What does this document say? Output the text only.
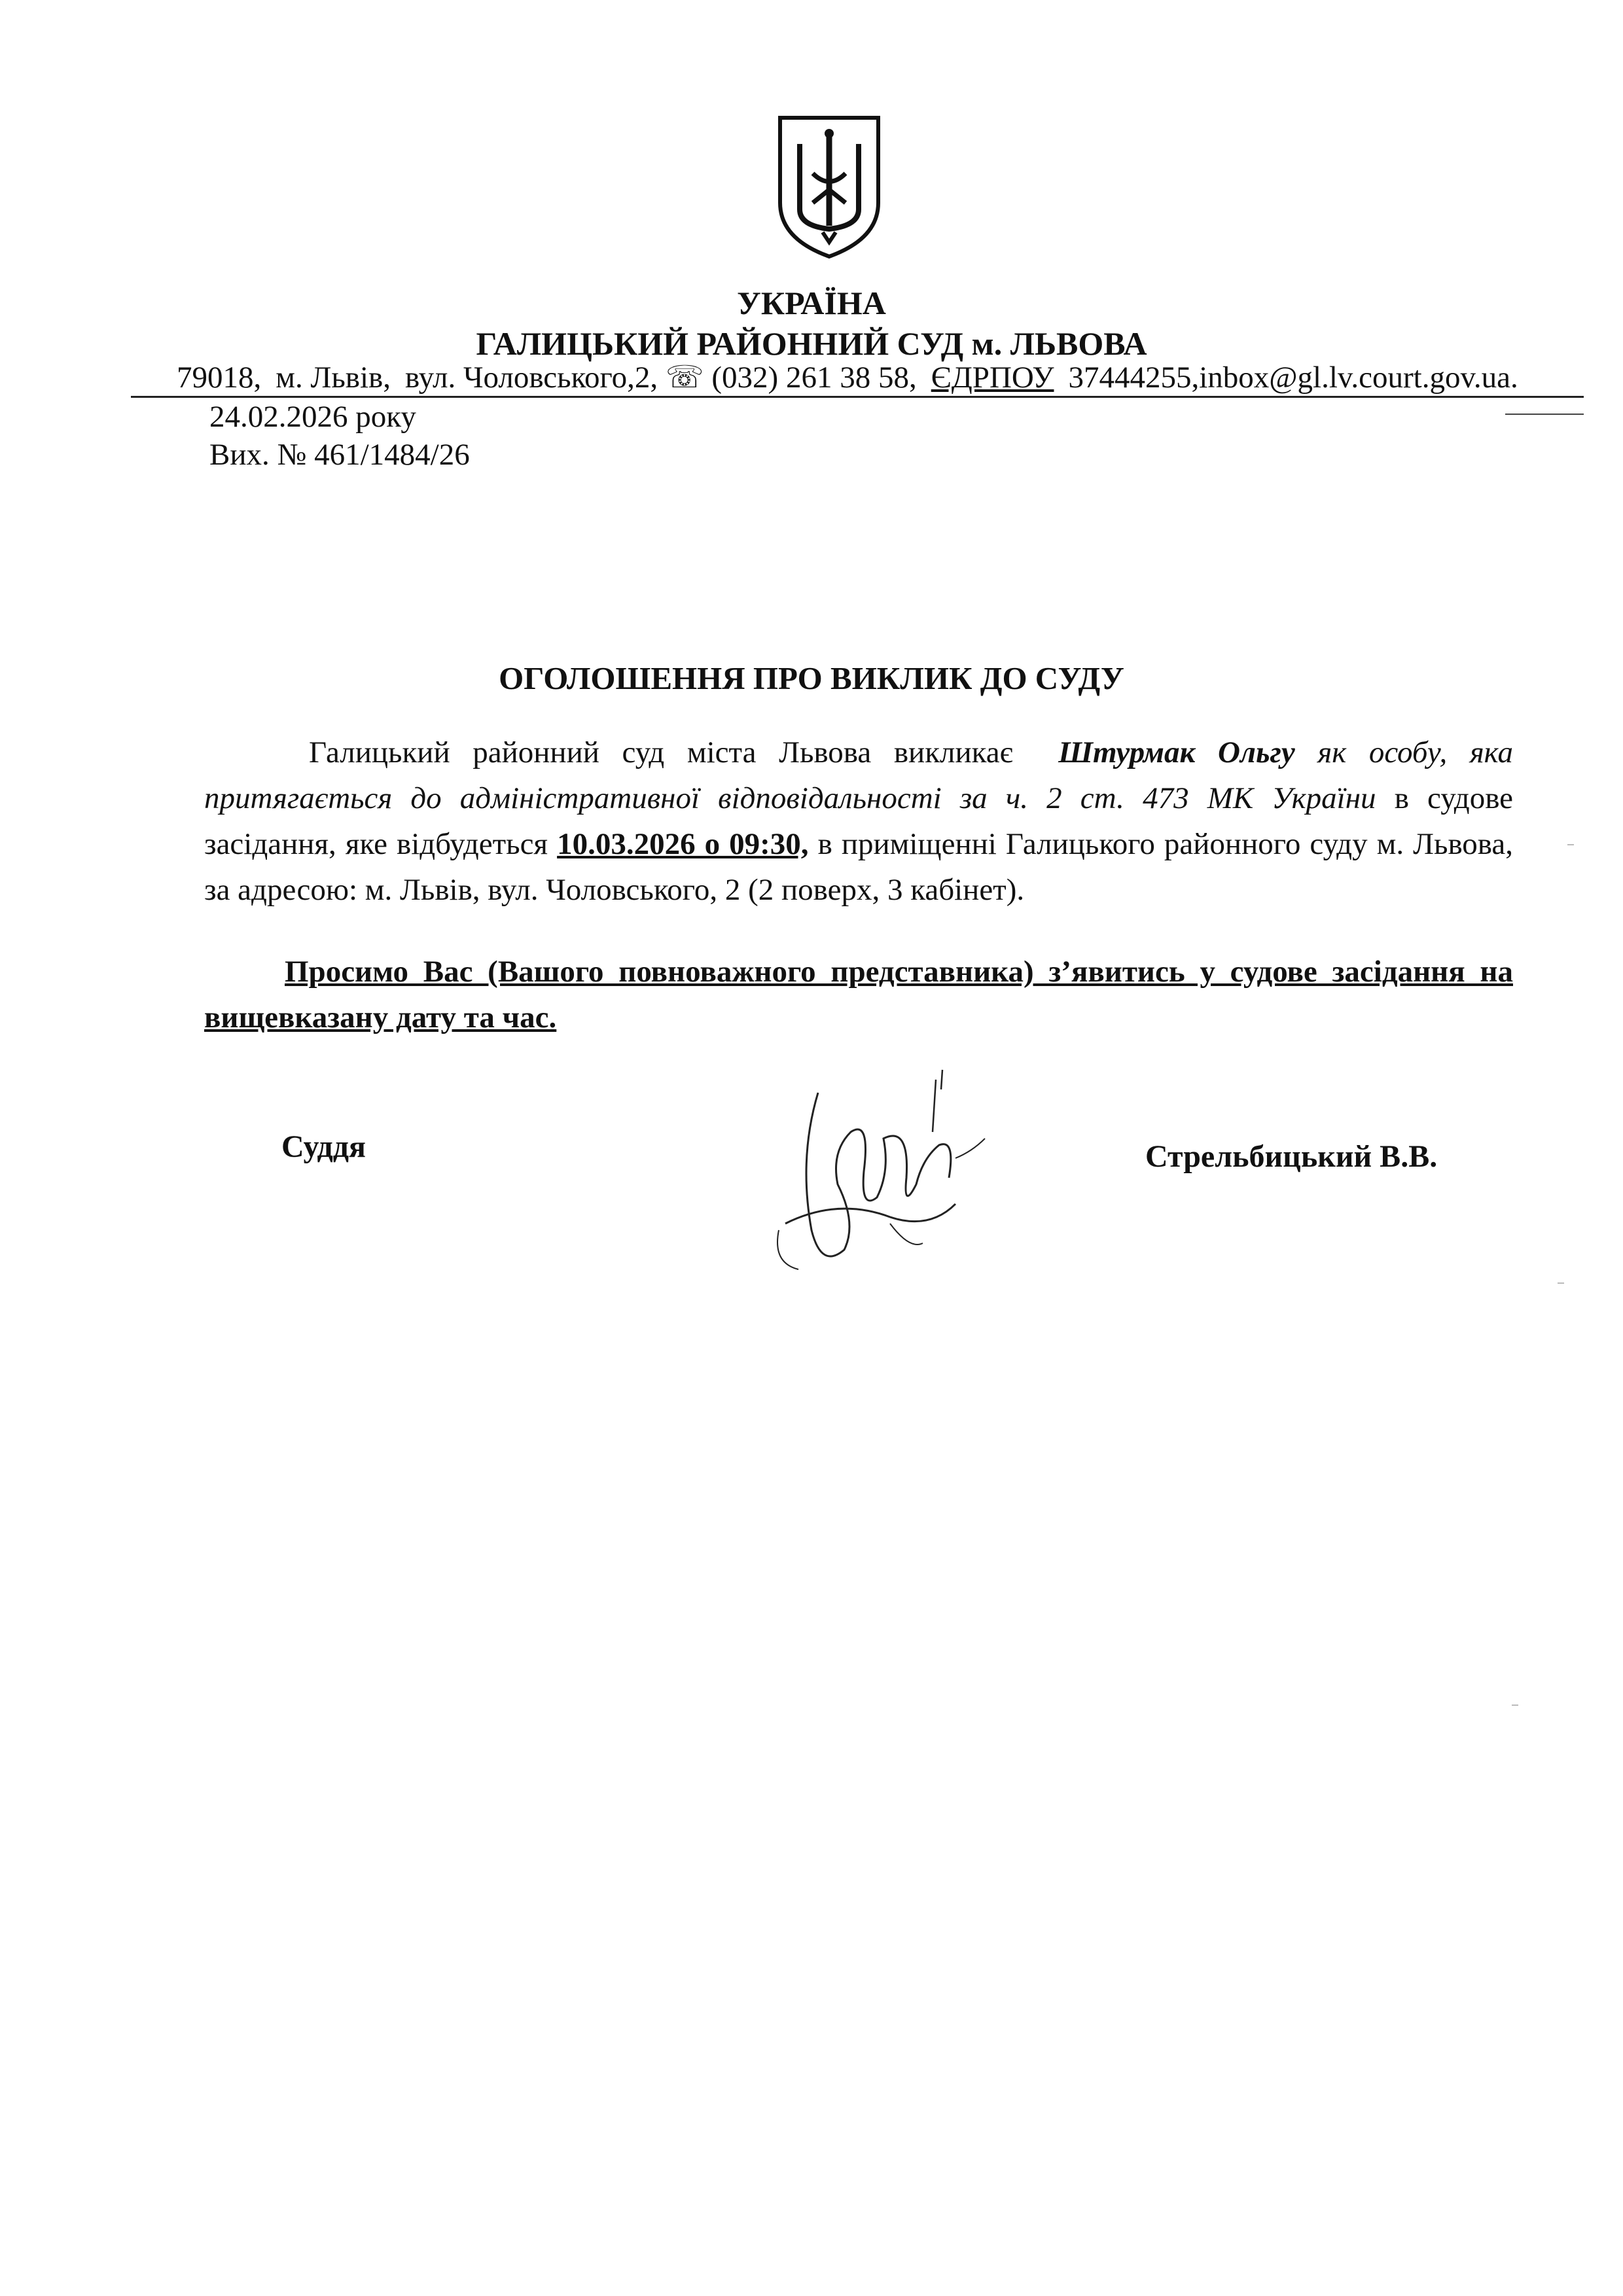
УКРАЇНА
ГАЛИЦЬКИЙ РАЙОННИЙ СУД м. ЛЬВОВА
79018, м. Львів, вул. Чоловського,2, ☏ (032) 261 38 58, ЄДРПОУ 37444255,inbox@gl.lv.court.gov.ua.
24.02.2026 року
Вих. № 461/1484/26
ОГОЛОШЕННЯ ПРО ВИКЛИК ДО СУДУ
Галицький районний суд міста Львова викликає Штурмак Ольгу як особу, яка притягається до адміністративної відповідальності за ч. 2 ст. 473 МК України в судове засідання, яке відбудеться 10.03.2026 о 09:30, в приміщенні Галицького районного суду м. Львова, за адресою: м. Львів, вул. Чоловського, 2 (2 поверх, 3 кабінет).
Просимо Вас (Вашого повноважного представника) з’явитись у судове засідання на вищевказану дату та час.
Суддя	Стрельбицький В.В.
